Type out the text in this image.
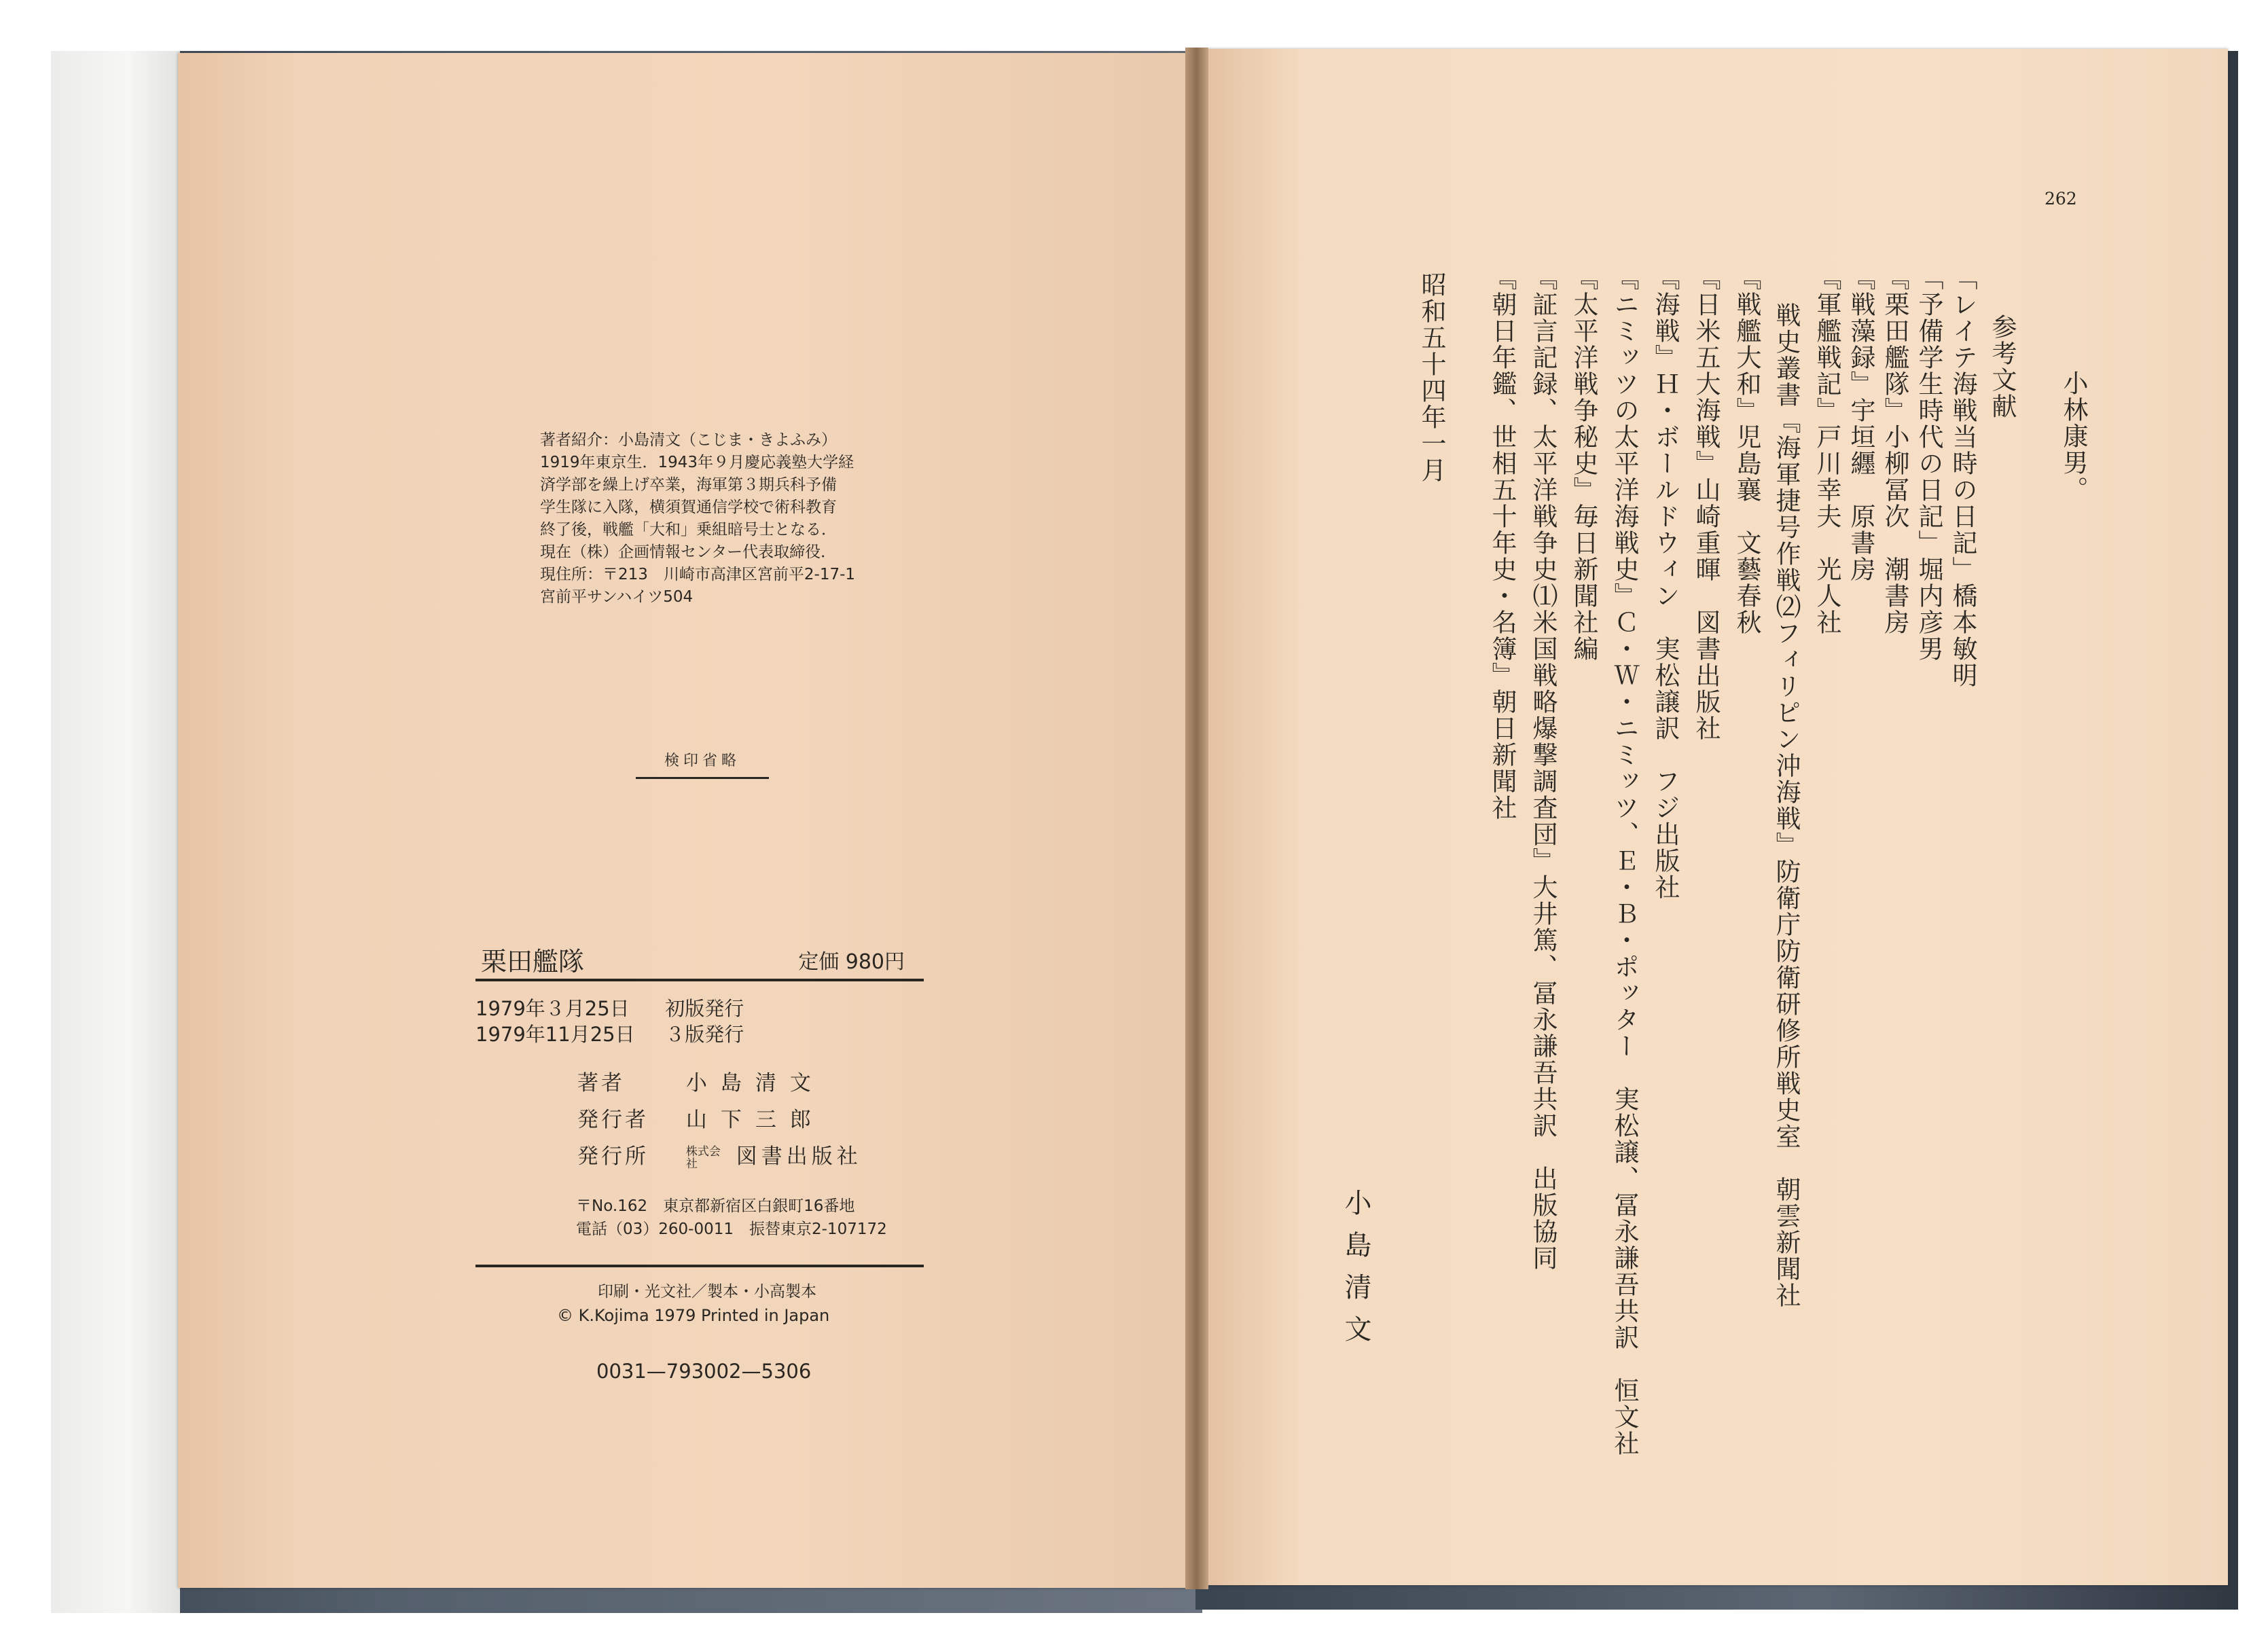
著者紹介：小島清文（こじま・きよふみ）
1919年東京生．1943年９月慶応義塾大学経
済学部を繰上げ卒業，海軍第３期兵科予備
学生隊に入隊，横須賀通信学校で術科教育
終了後，戦艦「大和」乗組暗号士となる．
現在（株）企画情報センター代表取締役．
現住所：〒213　川崎市高津区宮前平2-17-1
宮前平サンハイツ504
検印省略
栗田艦隊	定価 980円
1979年３月25日 初版発行
1979年11月25日 ３版発行
著者	小島清文
発行者 山下三郎
発行所	株式会社 図書出版社
〒No.162　東京都新宿区白銀町16番地
電話（03）260-0011　振替東京2-107172
印刷・光文社／製本・小高製本
© K.Kojima 1979 Printed in Japan
0031—793002—5306
262
小林康男。
参考文献
「レイテ海戦当時の日記」橋本敏明
「予備学生時代の日記」堀内彦男
『栗田艦隊』小柳冨次　潮書房
『戦藻録』宇垣纒　原書房
『軍艦戦記』戸川幸夫　光人社
戦史叢書『海軍捷号作戦⑵フィリピン沖海戦』防衛庁防衛研修所戦史室　朝雲新聞社
『戦艦大和』児島襄　文藝春秋
『日米五大海戦』山崎重暉　図書出版社
『海戦』Ｈ・ボールドウィン　実松譲訳　フジ出版社
『ニミッツの太平洋海戦史』Ｃ・Ｗ・ニミッツ、Ｅ・Ｂ・ポッター　実松譲、冨永謙吾共訳　恒文社
『太平洋戦争秘史』毎日新聞社編
『証言記録、太平洋戦争史⑴米国戦略爆撃調査団』大井篤、冨永謙吾共訳　出版協同
『朝日年鑑、世相五十年史・名簿』朝日新聞社
昭和五十四年一月
小島清文
